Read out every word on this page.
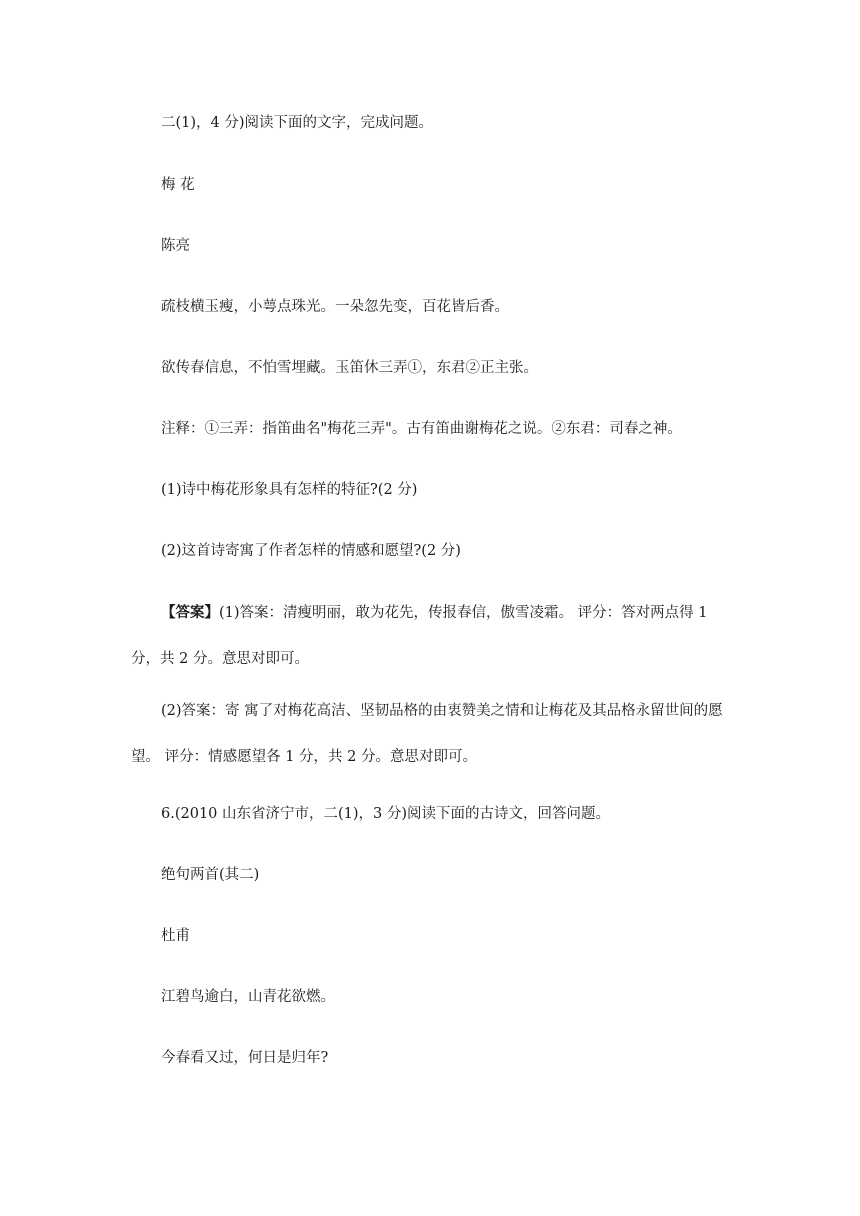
二(1)，4 分)阅读下面的文字，完成问题。
梅 花
陈亮
疏枝横玉瘦，小萼点珠光。一朵忽先变，百花皆后香。
欲传春信息，不怕雪埋藏。玉笛休三弄①，东君②正主张。
注释：①三弄：指笛曲名"梅花三弄"。古有笛曲谢梅花之说。②东君：司春之神。
(1)诗中梅花形象具有怎样的特征?(2 分)
(2)这首诗寄寓了作者怎样的情感和愿望?(2 分)
【答案】(1)答案：清瘦明丽，敢为花先，传报春信，傲雪凌霜。 评分：答对两点得 1 分，共 2 分。意思对即可。
(2)答案：寄 寓了对梅花高洁、坚韧品格的由衷赞美之情和让梅花及其品格永留世间的愿望。 评分：情感愿望各 1 分，共 2 分。意思对即可。
6.(2010 山东省济宁市，二(1)，3 分)阅读下面的古诗文，回答问题。
绝句两首(其二)
杜甫
江碧鸟逾白，山青花欲燃。
今春看又过，何日是归年?
